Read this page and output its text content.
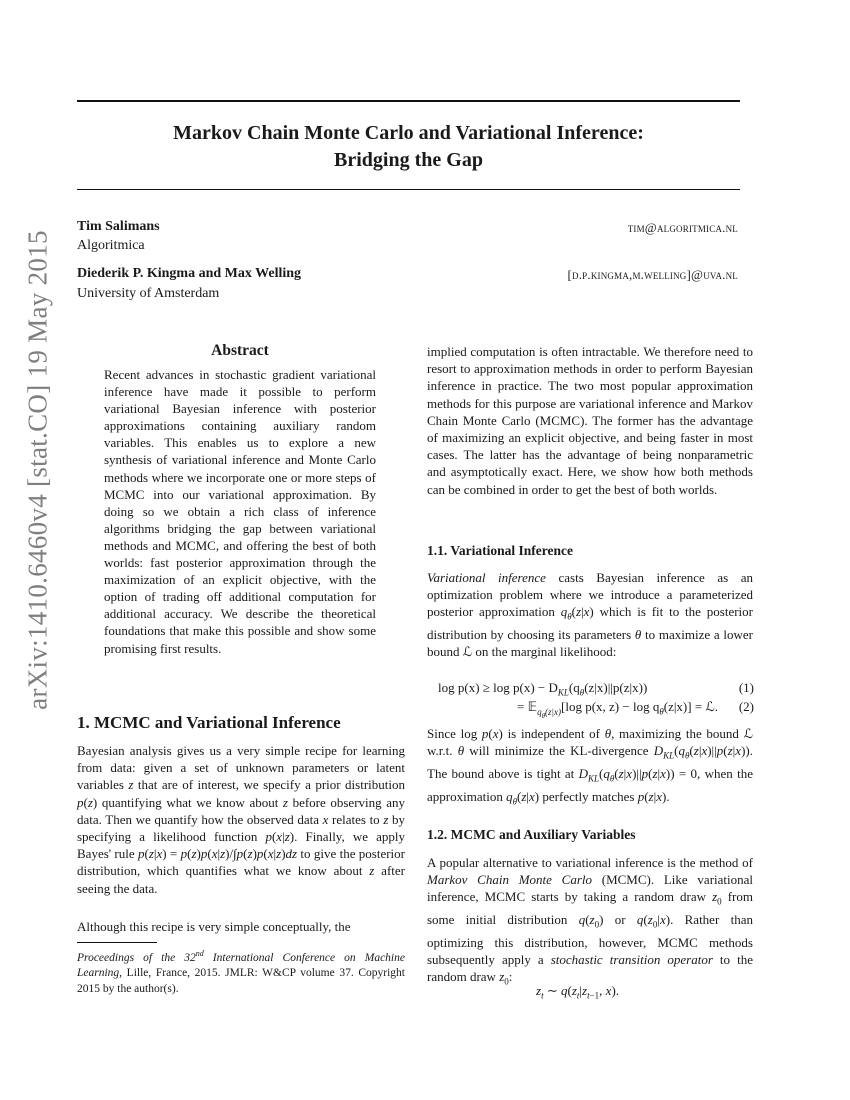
arXiv:1410.6460v4 [stat.CO] 19 May 2015
Markov Chain Monte Carlo and Variational Inference:
Bridging the Gap
Tim Salimans
Algoritmica
tim@algoritmica.nl
Diederik P. Kingma and Max Welling
University of Amsterdam
[d.p.kingma,m.welling]@uva.nl
Abstract
Recent advances in stochastic gradient variational inference have made it possible to perform variational Bayesian inference with posterior approximations containing auxiliary random variables. This enables us to explore a new synthesis of variational inference and Monte Carlo methods where we incorporate one or more steps of MCMC into our variational approximation. By doing so we obtain a rich class of inference algorithms bridging the gap between variational methods and MCMC, and offering the best of both worlds: fast posterior approximation through the maximization of an explicit objective, with the option of trading off additional computation for additional accuracy. We describe the theoretical foundations that make this possible and show some promising first results.
1. MCMC and Variational Inference

Bayesian analysis gives us a very simple recipe for learning from data: given a set of unknown parameters or latent variables z that are of interest, we specify a prior distribution p(z) quantifying what we know about z before observing any data. Then we quantify how the observed data x relates to z by specifying a likelihood function p(x|z). Finally, we apply Bayes' rule p(z|x) = p(z)p(x|z)/∫p(z)p(x|z)dz to give the posterior distribution, which quantifies what we know about z after seeing the data.

Although this recipe is very simple conceptually, the
Proceedings of the 32nd International Conference on Machine Learning, Lille, France, 2015. JMLR: W&CP volume 37. Copyright 2015 by the author(s).
implied computation is often intractable. We therefore need to resort to approximation methods in order to perform Bayesian inference in practice. The two most popular approximation methods for this purpose are variational inference and Markov Chain Monte Carlo (MCMC). The former has the advantage of maximizing an explicit objective, and being faster in most cases. The latter has the advantage of being nonparametric and asymptotically exact. Here, we show how both methods can be combined in order to get the best of both worlds.
1.1. Variational Inference

Variational inference casts Bayesian inference as an optimization problem where we introduce a parameterized posterior approximation $q_\theta(z|x)$ which is fit to the posterior distribution by choosing its parameters θ to maximize a lower bound ℒ on the marginal likelihood:

$\log p(x) \ge \log p(x) - D_{KL}(q_\theta(z|x)||p(z|x))$	(1)
= 𝔼$_{q_\theta(z|x)}$[log p(x, $z) - \log q_\theta(z|x)$] = ℒ. (2)

Since log p(x) is independent of θ, maximizing the bound ℒ w.r.t. θ will minimize the KL-divergence $D_{KL}(q_\theta(z|x)||p(z|x))$. The bound above is tight at $D_{KL}(q_\theta(z|x)||p(z|x)) = 0$, when the approximation $q_\theta(z|x)$ perfectly matches p(z|x).

1.2. MCMC and Auxiliary Variables

A popular alternative to variational inference is the method of Markov Chain Monte Carlo (MCMC). Like variational inference, MCMC starts by taking a random draw $z_0$ from some initial distribution $q(z_0)$ or $q(z_0|x)$. Rather than optimizing this distribution, however, MCMC methods subsequently apply a stochastic transition operator to the random draw $z_0$:

$z_t$ ∼ $q(z_t|z_{t-1}$, x).
